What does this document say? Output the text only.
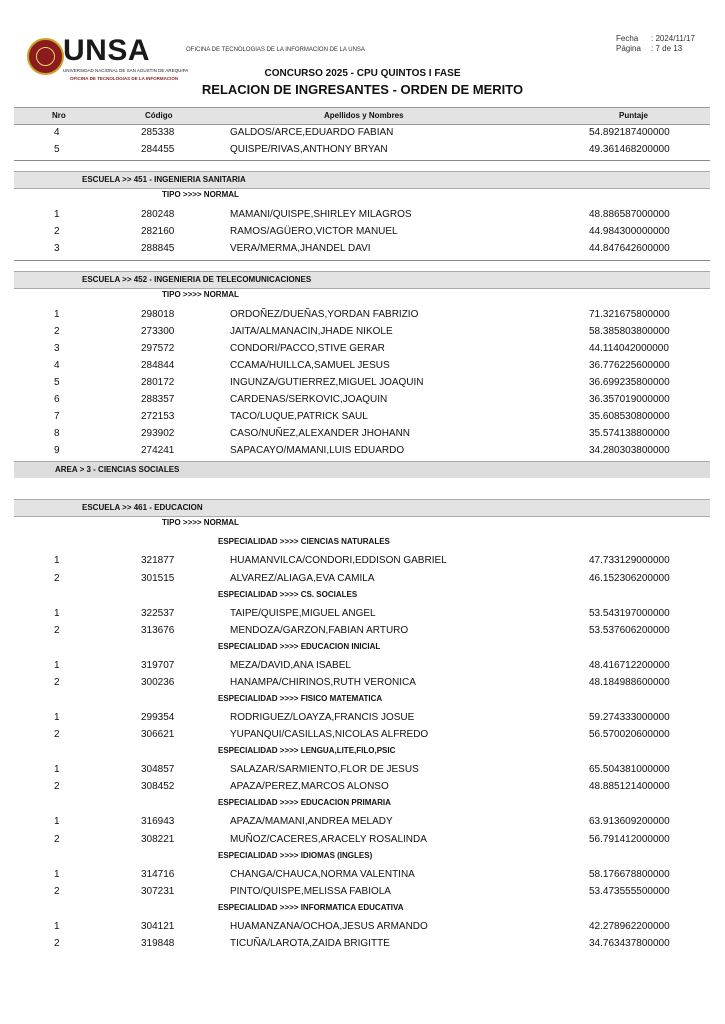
UNSA
UNIVERSIDAD NACIONAL DE SAN AGUSTIN DE AREQUIPA
OFICINA DE TECNOLOGIAS DE LA INFORMACION
OFICINA DE TECNOLOGIAS DE LA INFORMACION DE LA UNSA
Fecha : 2024/11/17
Página : 7 de 13
CONCURSO 2025 - CPU QUINTOS I FASE
RELACION DE INGRESANTES - ORDEN DE MERITO
Nro	Código	Apellidos y Nombres	Puntaje
4	285338	GALDOS/ARCE,EDUARDO FABIAN	54.892187400000
5	284455	QUISPE/RIVAS,ANTHONY BRYAN	49.361468200000
ESCUELA >> 451 - INGENIERIA SANITARIA
TIPO >>>> NORMAL
1	280248	MAMANI/QUISPE,SHIRLEY MILAGROS	48.886587000000
2	282160	RAMOS/AGÜERO,VICTOR MANUEL	44.984300000000
3	288845	VERA/MERMA,JHANDEL DAVI	44.847642600000
ESCUELA >> 452 - INGENIERIA DE TELECOMUNICACIONES
TIPO >>>> NORMAL
1	298018	ORDOÑEZ/DUEÑAS,YORDAN FABRIZIO	71.321675800000
2	273300	JAITA/ALMANACIN,JHADE NIKOLE	58.385803800000
3	297572	CONDORI/PACCO,STIVE GERAR	44.114042000000
4	284844	CCAMA/HUILLCA,SAMUEL JESUS	36.776225600000
5	280172	INGUNZA/GUTIERREZ,MIGUEL JOAQUIN	36.699235800000
6	288357	CARDENAS/SERKOVIC,JOAQUIN	36.357019000000
7	272153	TACO/LUQUE,PATRICK SAUL	35.608530800000
8	293902	CASO/NUÑEZ,ALEXANDER JHOHANN	35.574138800000
9	274241	SAPACAYO/MAMANI,LUIS EDUARDO	34.280303800000
AREA > 3 - CIENCIAS SOCIALES
ESCUELA >> 461 - EDUCACION
TIPO >>>> NORMAL
ESPECIALIDAD >>>> CIENCIAS NATURALES
1	321877	HUAMANVILCA/CONDORI,EDDISON GABRIEL	47.733129000000
2	301515	ALVAREZ/ALIAGA,EVA CAMILA	46.152306200000
ESPECIALIDAD >>>> CS. SOCIALES
1	322537	TAIPE/QUISPE,MIGUEL ANGEL	53.543197000000
2	313676	MENDOZA/GARZON,FABIAN ARTURO	53.537606200000
ESPECIALIDAD >>>> EDUCACION INICIAL
1	319707	MEZA/DAVID,ANA ISABEL	48.416712200000
2	300236	HANAMPA/CHIRINOS,RUTH VERONICA	48.184988600000
ESPECIALIDAD >>>> FISICO MATEMATICA
1	299354	RODRIGUEZ/LOAYZA,FRANCIS JOSUE	59.274333000000
2	306621	YUPANQUI/CASILLAS,NICOLAS ALFREDO	56.570020600000
ESPECIALIDAD >>>> LENGUA,LITE,FILO,PSIC
1	304857	SALAZAR/SARMIENTO,FLOR DE JESUS	65.504381000000
2	308452	APAZA/PEREZ,MARCOS ALONSO	48.885121400000
ESPECIALIDAD >>>> EDUCACION PRIMARIA
1	316943	APAZA/MAMANI,ANDREA MELADY	63.913609200000
2	308221	MUÑOZ/CACERES,ARACELY ROSALINDA	56.791412000000
ESPECIALIDAD >>>> IDIOMAS (INGLES)
1	314716	CHANGA/CHAUCA,NORMA VALENTINA	58.176678800000
2	307231	PINTO/QUISPE,MELISSA FABIOLA	53.473555500000
ESPECIALIDAD >>>> INFORMATICA EDUCATIVA
1	304121	HUAMANZANA/OCHOA,JESUS ARMANDO	42.278962200000
2	319848	TICUÑA/LAROTA,ZAIDA BRIGITTE	34.763437800000
